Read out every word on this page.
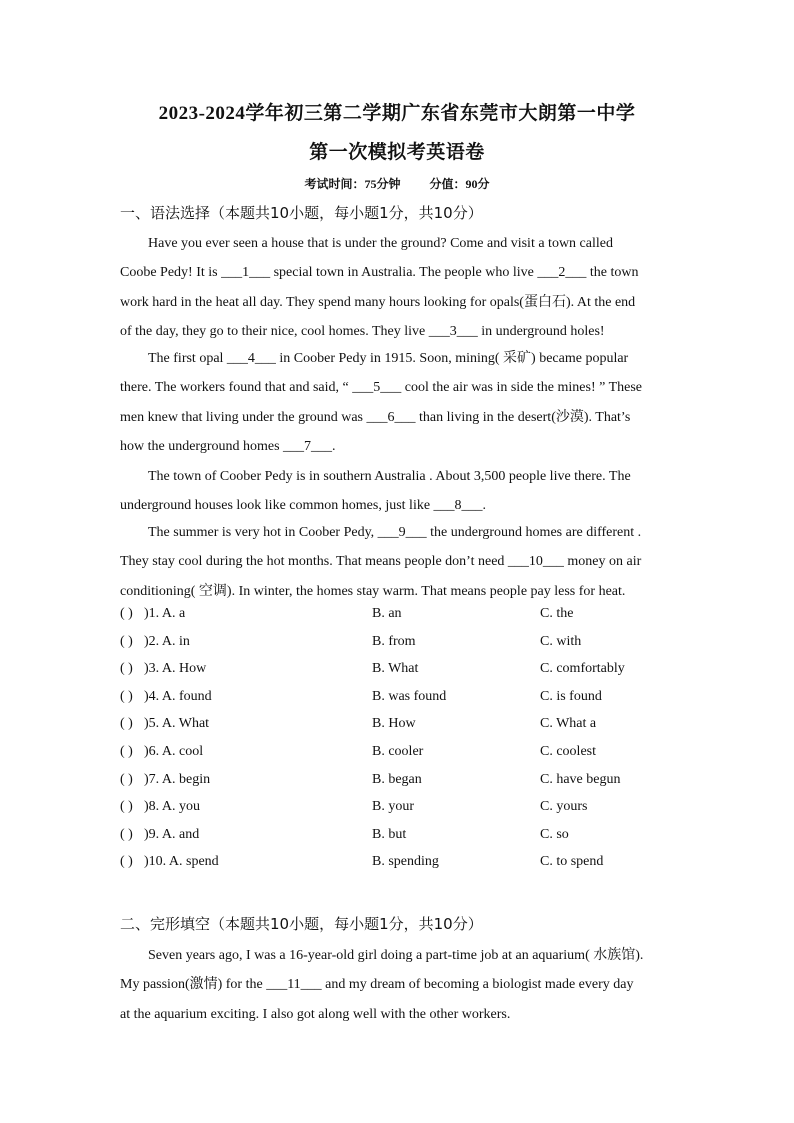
2023-2024学年初三第二学期广东省东莞市大朗第一中学
第一次模拟考英语卷
考试时间：75分钟 分值：90分
一、语法选择（本题共10小题，每小题1分，共10分）
Have you ever seen a house that is under the ground? Come and visit a town called
Coobe Pedy! It is ___1___ special town in Australia. The people who live ___2___ the town
work hard in the heat all day. They spend many hours looking for opals(蛋白石). At the end
of the day, they go to their nice, cool homes. They live ___3___ in underground holes!
The first opal ___4___ in Coober Pedy in 1915. Soon, mining( 采矿) became popular
there. The workers found that and said, “ ___5___ cool the air was in side the mines! ” These
men knew that living under the ground was ___6___ than living in the desert(沙漠). That’s
how the underground homes ___7___.
The town of Coober Pedy is in southern Australia . About 3,500 people live there. The
underground houses look like common homes, just like ___8___.
The summer is very hot in Coober Pedy, ___9___ the underground homes are different .
They stay cool during the hot months. That means people don’t need ___10___ money on air
conditioning( 空调). In winter, the homes stay warm. That means people pay less for heat.
( ) )1. A. a	B. an	C. the
( ) )2. A. in	B. from	C. with
( ) )3. A. How	B. What	C. comfortably
( ) )4. A. found	B. was found	C. is found
( ) )5. A. What	B. How	C. What a
( ) )6. A. cool	B. cooler	C. coolest
( ) )7. A. begin	B. began	C. have begun
( ) )8. A. you	B. your	C. yours
( ) )9. A. and	B. but	C. so
( ) )10. A. spend	B. spending	C. to spend
二、完形填空（本题共10小题，每小题1分，共10分）
Seven years ago, I was a 16-year-old girl doing a part-time job at an aquarium( 水族馆).
My passion(激情) for the ___11___ and my dream of becoming a biologist made every day
at the aquarium exciting. I also got along well with the other workers.
